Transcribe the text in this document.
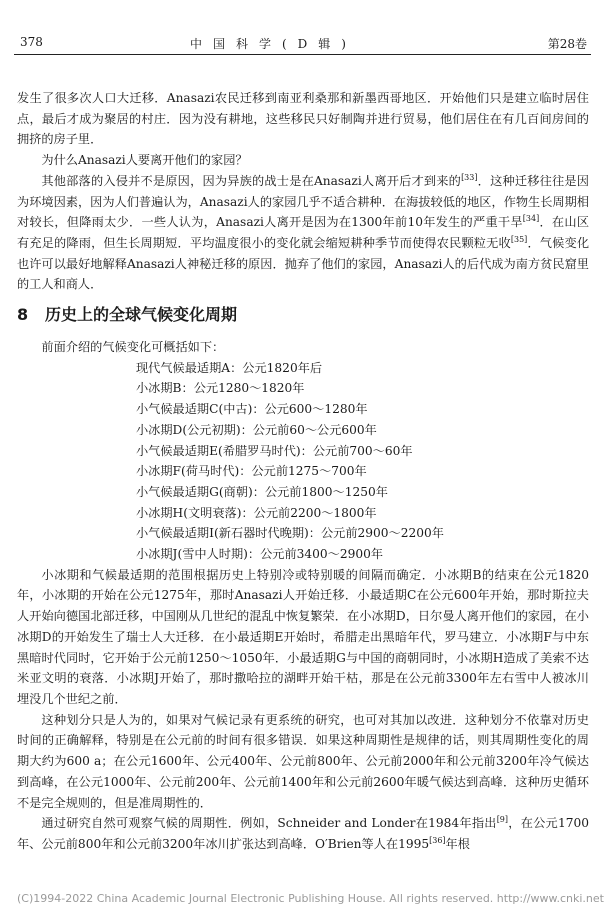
378	中国科学(D辑)	第28卷

发生了很多次人口大迁移．Anasazi农民迁移到南亚利桑那和新墨西哥地区．开始他们只是建立临时居住点，最后才成为聚居的村庄．因为没有耕地，这些移民只好制陶并进行贸易，他们居住在有几百间房间的拥挤的房子里．

为什么Anasazi人要离开他们的家园？

其他部落的入侵并不是原因，因为异族的战士是在Anasazi人离开后才到来的[33]．这种迁移往往是因为环境因素，因为人们普遍认为，Anasazi人的家园几乎不适合耕种．在海拔较低的地区，作物生长周期相对较长，但降雨太少．一些人认为，Anasazi人离开是因为在1300年前10年发生的严重干旱[34]．在山区有充足的降雨，但生长周期短．平均温度很小的变化就会缩短耕种季节而使得农民颗粒无收[35]．气候变化也许可以最好地解释Anasazi人神秘迁移的原因．抛弃了他们的家园，Anasazi人的后代成为南方贫民窟里的工人和商人．

8 历史上的全球气候变化周期

前面介绍的气候变化可概括如下：

现代气候最适期A：公元1820年后
小冰期B：公元1280～1820年
小气候最适期C(中古)：公元600～1280年
小冰期D(公元初期)：公元前60～公元600年
小气候最适期E(希腊罗马时代)：公元前700～60年
小冰期F(荷马时代)：公元前1275～700年
小气候最适期G(商朝)：公元前1800～1250年
小冰期H(文明衰落)：公元前2200～1800年
小气候最适期I(新石器时代晚期)：公元前2900～2200年
小冰期J(雪中人时期)：公元前3400～2900年

小冰期和气候最适期的范围根据历史上特别冷或特别暖的间隔而确定．小冰期B的结束在公元1820年，小冰期的开始在公元1275年，那时Anasazi人开始迁移．小最适期C在公元600年开始，那时斯拉夫人开始向德国北部迁移，中国刚从几世纪的混乱中恢复繁荣．在小冰期D，日尔曼人离开他们的家园，在小冰期D的开始发生了瑞士人大迁移．在小最适期E开始时，希腊走出黑暗年代，罗马建立．小冰期F与中东黑暗时代同时，它开始于公元前1250～1050年．小最适期G与中国的商朝同时，小冰期H造成了美索不达米亚文明的衰落．小冰期J开始了，那时撒哈拉的湖畔开始干枯，那是在公元前3300年左右雪中人被冰川埋没几个世纪之前．

这种划分只是人为的，如果对气候记录有更系统的研究，也可对其加以改进．这种划分不依靠对历史时间的正确解释，特别是在公元前的时间有很多错误．如果这种周期性是规律的话，则其周期性变化的周期大约为600 a；在公元1600年、公元400年、公元前800年、公元前2000年和公元前3200年冷气候达到高峰，在公元1000年、公元前200年、公元前1400年和公元前2600年暖气候达到高峰．这种历史循环不是完全规则的，但是准周期性的．

通过研究自然可观察气候的周期性．例如，Schneider and Londer在1984年指出[9]，在公元1700年、公元前800年和公元前3200年冰川扩张达到高峰．O′Brien等人在1995[36]年根

(C)1994-2022 China Academic Journal Electronic Publishing House. All rights reserved. http://www.cnki.net
